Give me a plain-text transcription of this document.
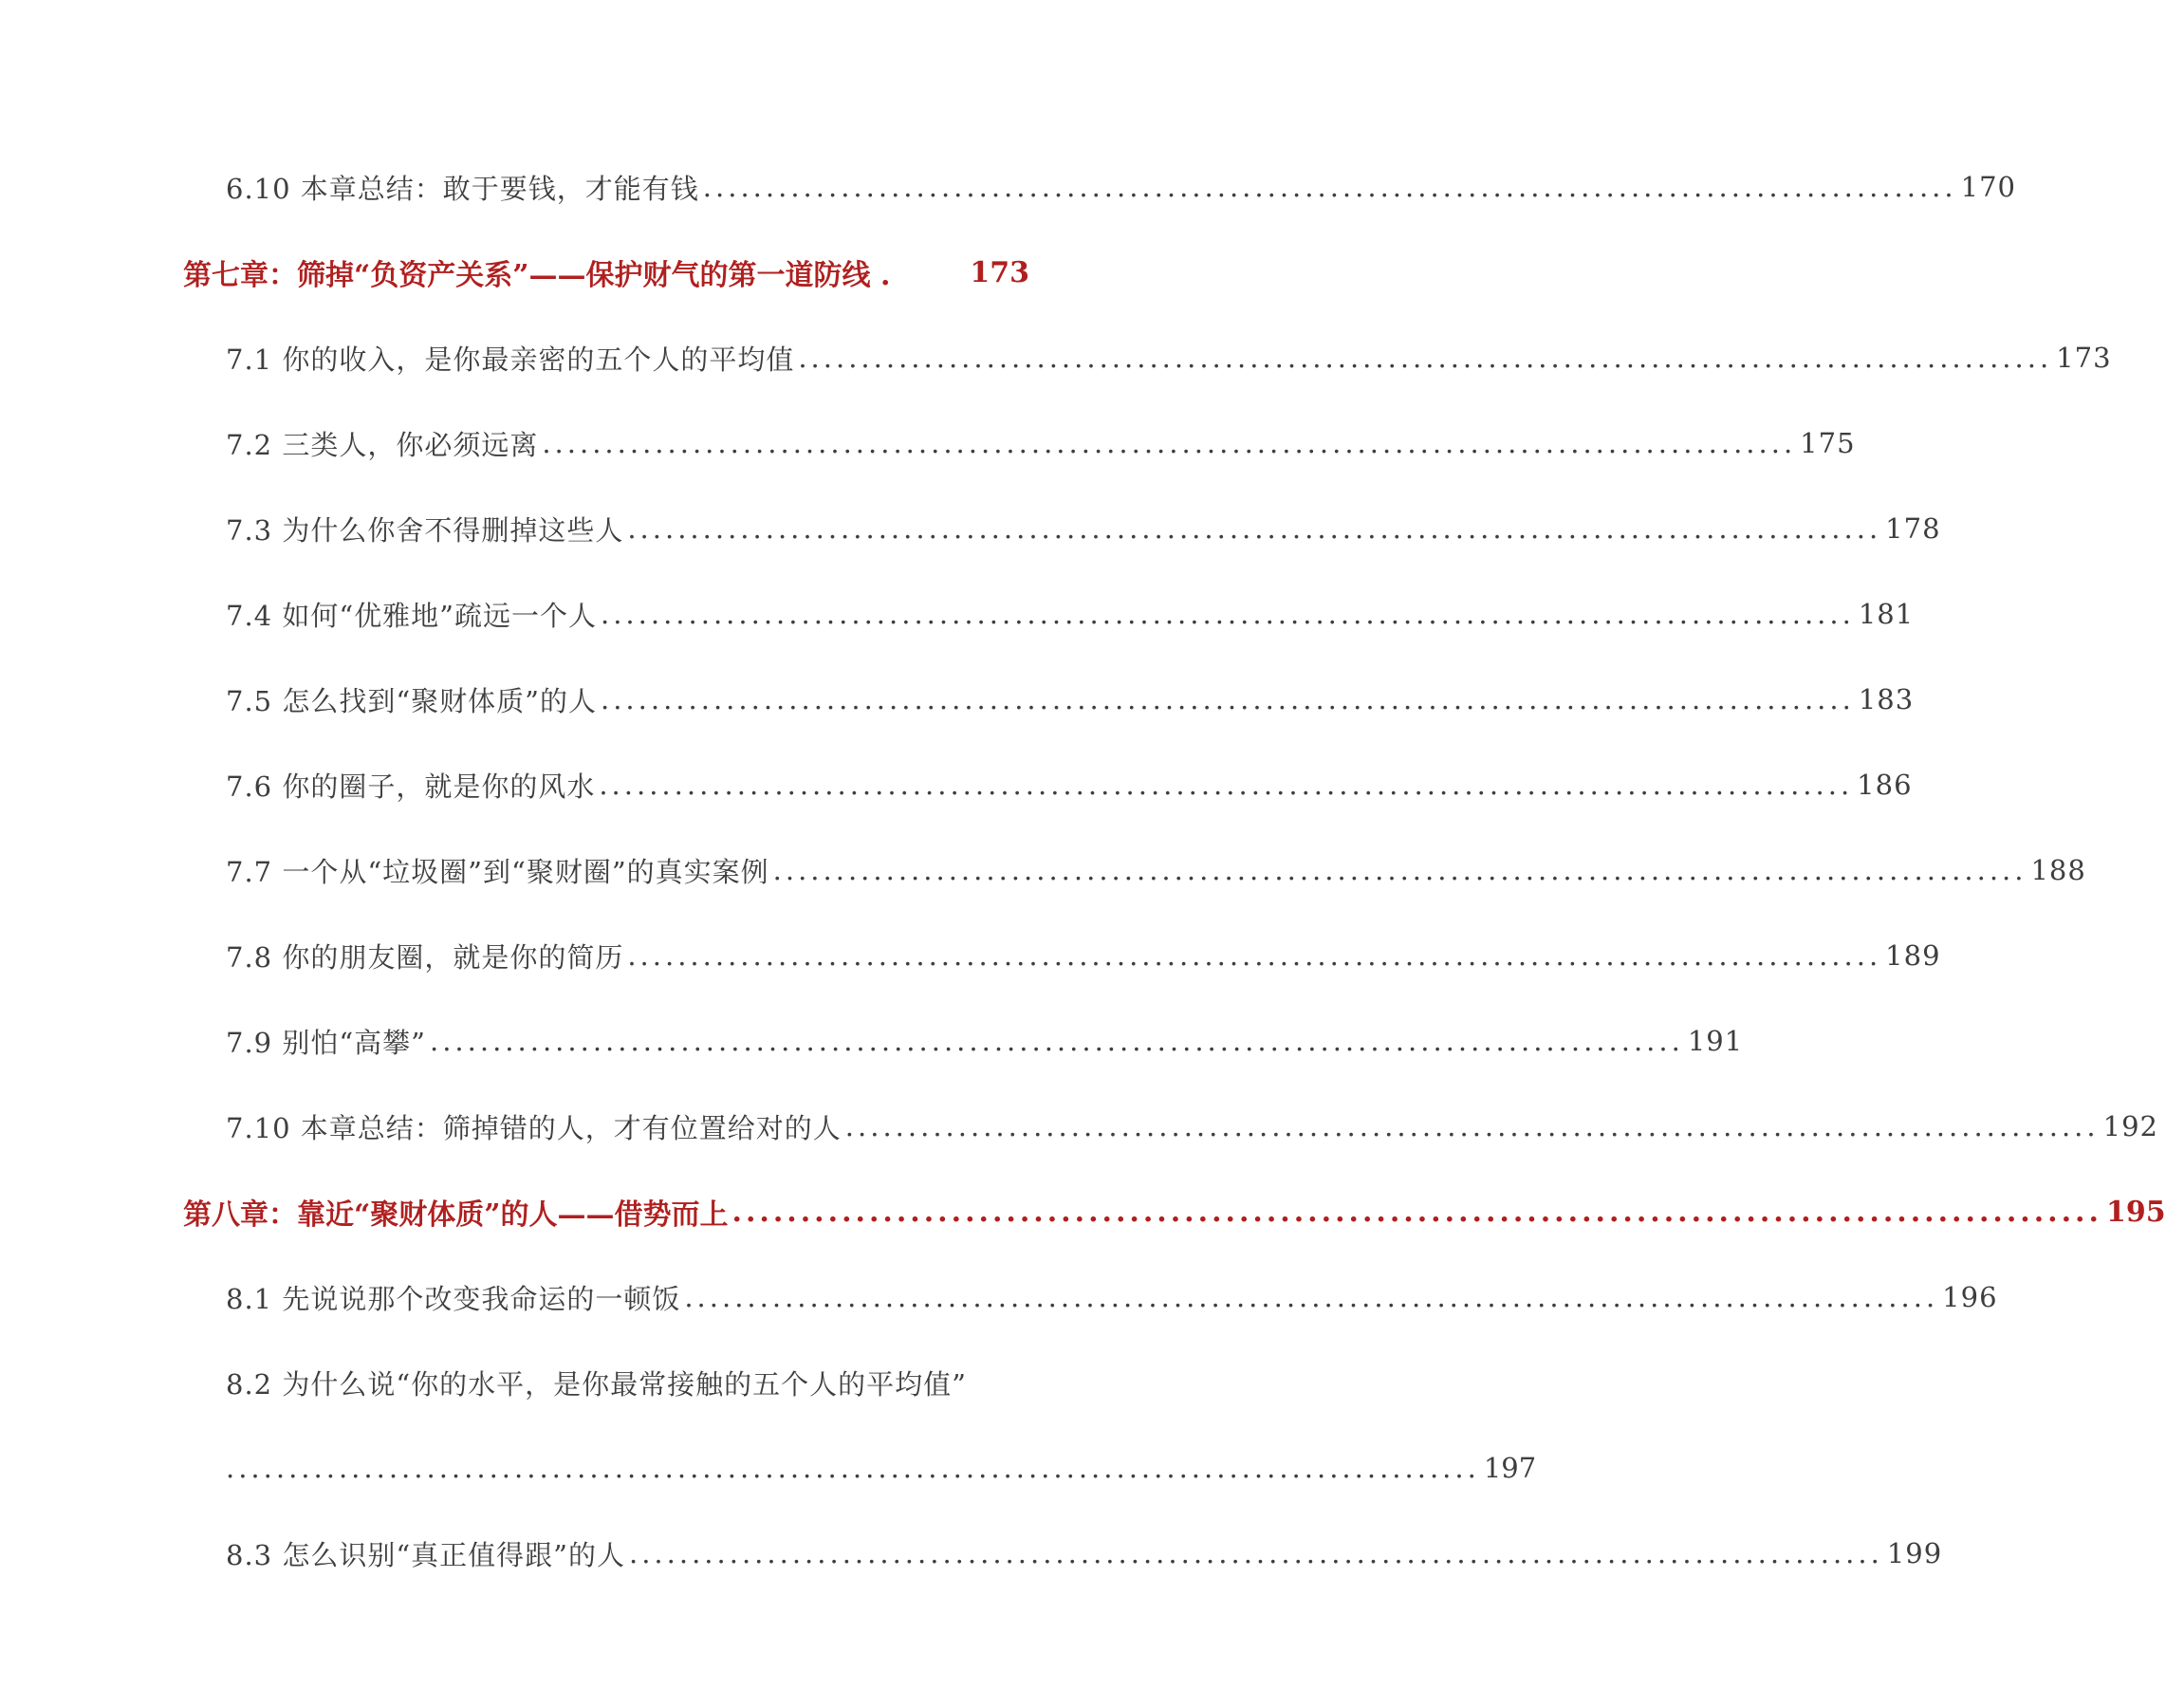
6.10 本章总结：敢于要钱，才能有钱 .................................................................................................... 170
第七章：筛掉“负资产关系”——保护财气的第一道防线 .	173
7.1 你的收入，是你最亲密的五个人的平均值 .................................................................................................... 173
7.2 三类人，你必须远离 .................................................................................................... 175
7.3 为什么你舍不得删掉这些人 .................................................................................................... 178
7.4 如何“优雅地”疏远一个人 .................................................................................................... 181
7.5 怎么找到“聚财体质”的人 .................................................................................................... 183
7.6 你的圈子，就是你的风水 .................................................................................................... 186
7.7 一个从“垃圾圈”到“聚财圈”的真实案例 .................................................................................................... 188
7.8 你的朋友圈，就是你的简历 .................................................................................................... 189
7.9 别怕“高攀” .................................................................................................... 191
7.10 本章总结：筛掉错的人，才有位置给对的人 .................................................................................................... 192
第八章：靠近“聚财体质”的人——借势而上 .................................................................................................... 195
8.1 先说说那个改变我命运的一顿饭 .................................................................................................... 196
8.2 为什么说“你的水平，是你最常接触的五个人的平均值”
.................................................................................................... 197
8.3 怎么识别“真正值得跟”的人 .................................................................................................... 199
